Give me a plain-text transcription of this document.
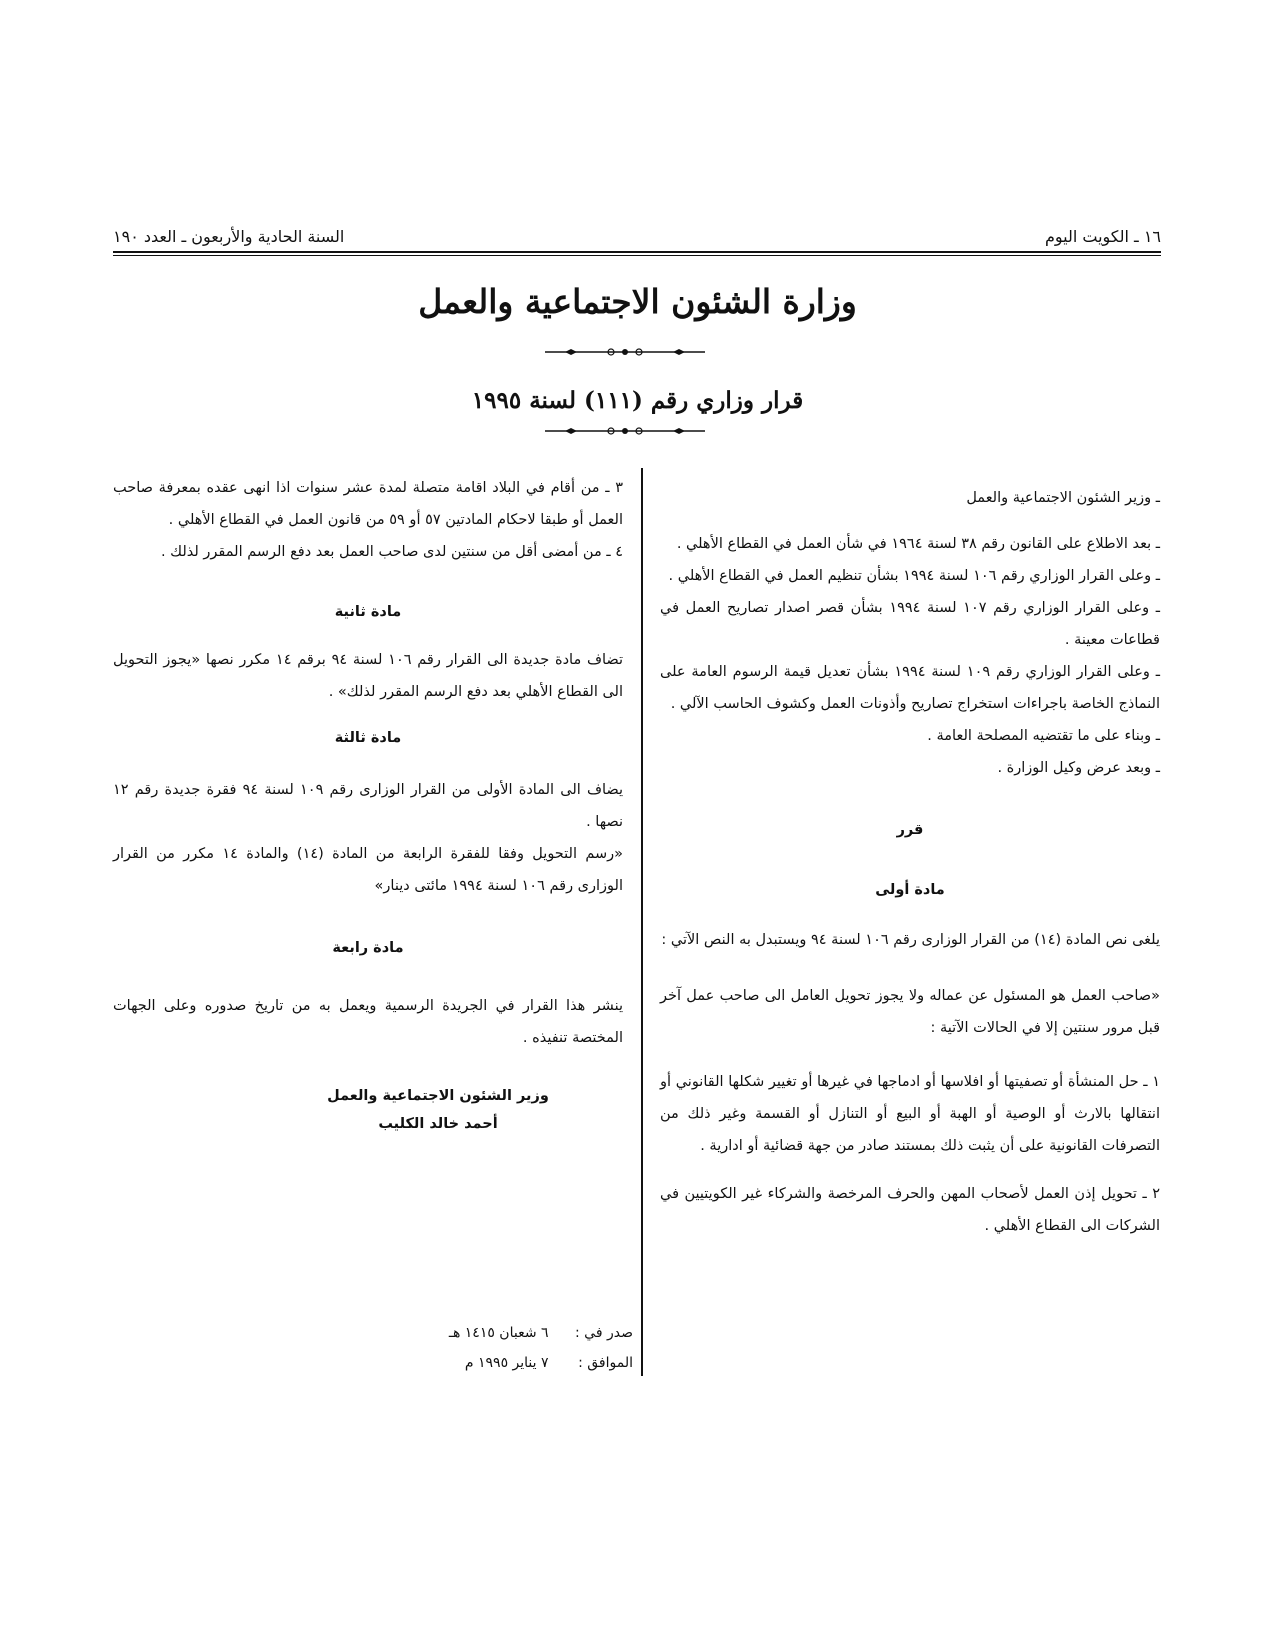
١٦ ـ الكويت اليوم
السنة الحادية والأربعون ـ العدد ١٩٠
وزارة الشئون الاجتماعية والعمل
قرار وزاري رقم (١١١) لسنة ١٩٩٥

ـ وزير الشئون الاجتماعية والعمل

ـ بعد الاطلاع على القانون رقم ٣٨ لسنة ١٩٦٤ في شأن العمل في القطاع الأهلي .

ـ وعلى القرار الوزاري رقم ١٠٦ لسنة ١٩٩٤ بشأن تنظيم العمل في القطاع الأهلي .

ـ وعلى القرار الوزاري رقم ١٠٧ لسنة ١٩٩٤ بشأن قصر اصدار تصاريح العمل في قطاعات معينة .

ـ وعلى القرار الوزاري رقم ١٠٩ لسنة ١٩٩٤ بشأن تعديل قيمة الرسوم العامة على النماذج الخاصة باجراءات استخراج تصاريح وأذونات العمل وكشوف الحاسب الآلي .

ـ وبناء على ما تقتضيه المصلحة العامة .

ـ وبعد عرض وكيل الوزارة .

قرر

مادة أولى

يلغى نص المادة (١٤) من القرار الوزارى رقم ١٠٦ لسنة ٩٤ ويستبدل به النص الآتي :

«صاحب العمل هو المسئول عن عماله ولا يجوز تحويل العامل الى صاحب عمل آخر قبل مرور سنتين إلا في الحالات الآتية :

١ ـ حل المنشأة أو تصفيتها أو افلاسها أو ادماجها في غيرها أو تغيير شكلها القانوني أو انتقالها بالارث أو الوصية أو الهبة أو البيع أو التنازل أو القسمة وغير ذلك من التصرفات القانونية على أن يثبت ذلك بمستند صادر من جهة قضائية أو ادارية .

٢ ـ تحويل إذن العمل لأصحاب المهن والحرف المرخصة والشركاء غير الكويتيين في الشركات الى القطاع الأهلي .

٣ ـ من أقام في البلاد اقامة متصلة لمدة عشر سنوات اذا انهى عقده بمعرفة صاحب العمل أو طبقا لاحكام المادتين ٥٧ أو ٥٩ من قانون العمل في القطاع الأهلي .

٤ ـ من أمضى أقل من سنتين لدى صاحب العمل بعد دفع الرسم المقرر لذلك .

مادة ثانية

تضاف مادة جديدة الى القرار رقم ١٠٦ لسنة ٩٤ برقم ١٤ مكرر نصها «يجوز التحويل الى القطاع الأهلي بعد دفع الرسم المقرر لذلك» .

مادة ثالثة

يضاف الى المادة الأولى من القرار الوزارى رقم ١٠٩ لسنة ٩٤ فقرة جديدة رقم ١٢ نصها .

«رسم التحويل وفقا للفقرة الرابعة من المادة (١٤) والمادة ١٤ مكرر من القرار الوزارى رقم ١٠٦ لسنة ١٩٩٤ مائتى دينار»

مادة رابعة

ينشر هذا القرار في الجريدة الرسمية ويعمل به من تاريخ صدوره وعلى الجهات المختصة تنفيذه .

وزير الشئون الاجتماعية والعمل
أحمد خالد الكليب
صدر في : ٦ شعبان ١٤١٥ هـ
الموافق : ٧ يناير ١٩٩٥ م
